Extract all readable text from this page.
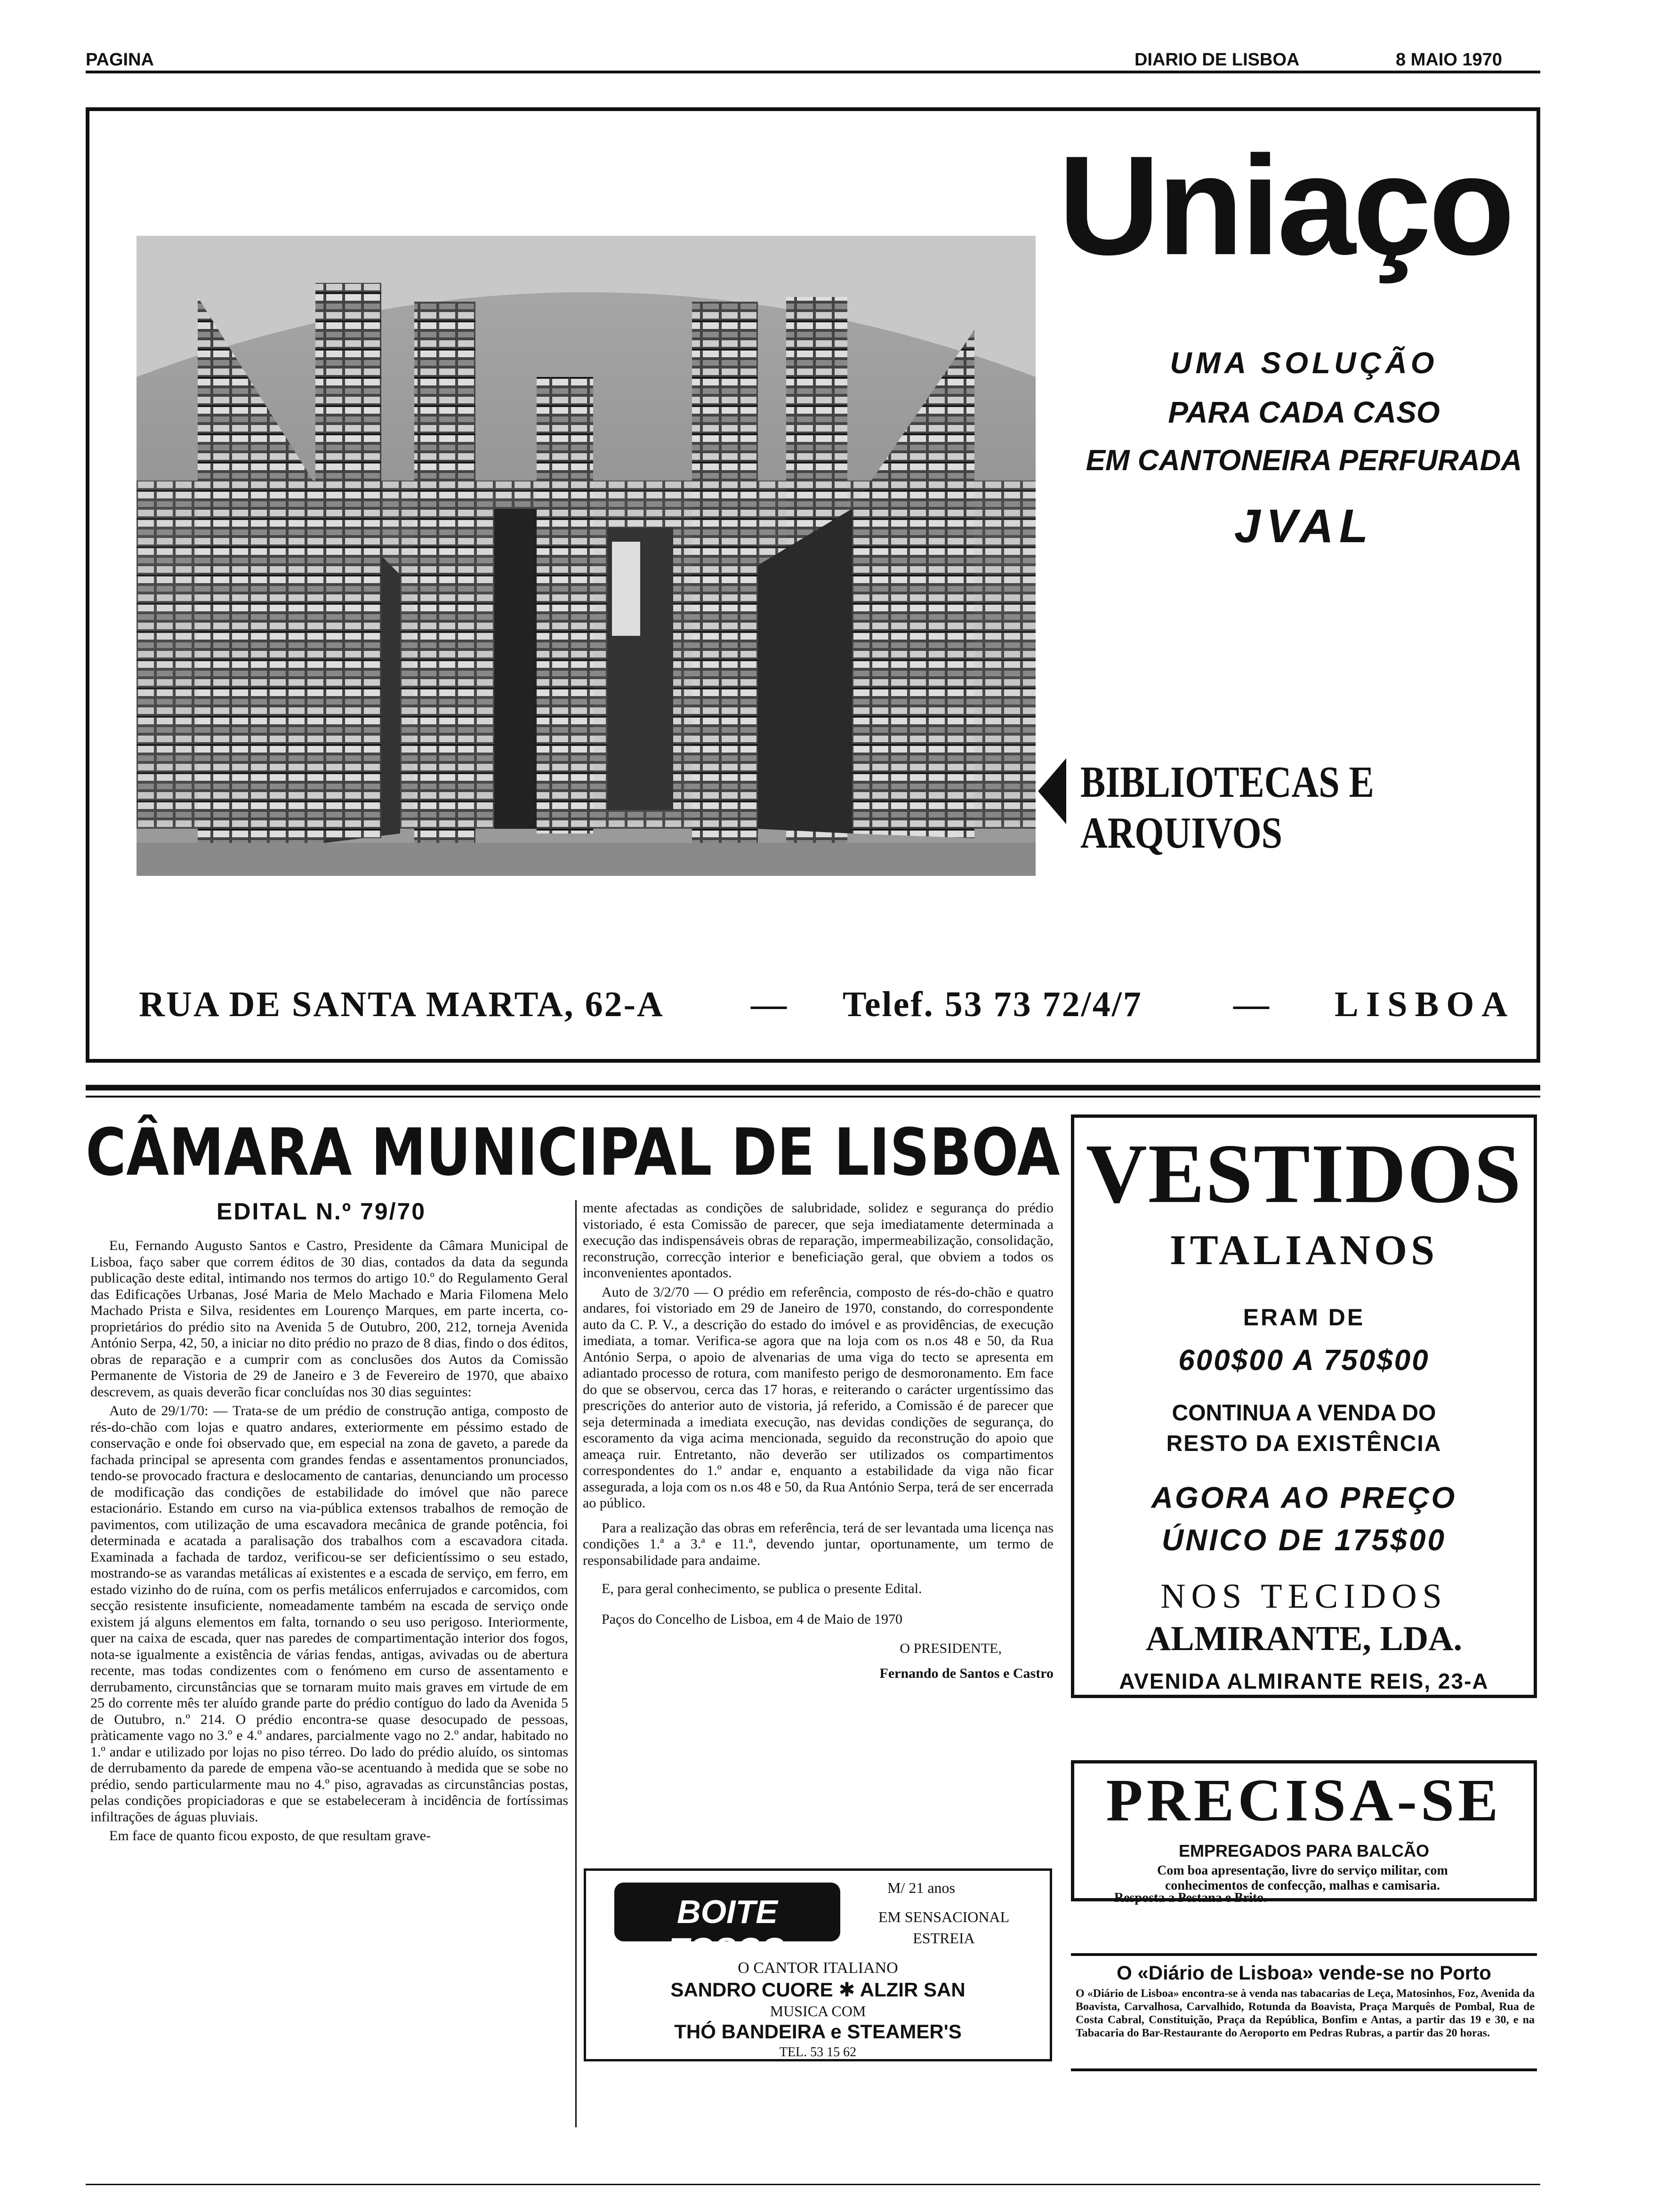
PAGINA	DIARIO DE LISBOA	8 MAIO 1970
Uniaço
UMA SOLUÇÃO
PARA CADA CASO
EM CANTONEIRA PERFURADA
JVAL
BIBLIOTECAS E ARQUIVOS
RUA DE SANTA MARTA, 62-A — Telef. 53 73 72/4/7	— LISBOA
CÂMARA MUNICIPAL DE LISBOA
EDITAL N.º 79/70

Eu, Fernando Augusto Santos e Castro, Presidente da Câmara Municipal de Lisboa, faço saber que correm éditos de 30 dias, contados da data da segunda publicação deste edital, intimando nos termos do artigo 10.º do Regulamento Geral das Edificações Urbanas, José Maria de Melo Machado e Maria Filomena Melo Machado Prista e Silva, residentes em Lourenço Marques, em parte incerta, co-proprietários do prédio sito na Avenida 5 de Outubro, 200, 212, torneja Avenida António Serpa, 42, 50, a iniciar no dito prédio no prazo de 8 dias, findo o dos éditos, obras de reparação e a cumprir com as conclusões dos Autos da Comissão Permanente de Vistoria de 29 de Janeiro e 3 de Fevereiro de 1970, que abaixo descrevem, as quais deverão ficar concluídas nos 30 dias seguintes:

Auto de 29/1/70: — Trata-se de um prédio de construção antiga, composto de rés-do-chão com lojas e quatro andares, exteriormente em péssimo estado de conservação e onde foi observado que, em especial na zona de gaveto, a parede da fachada principal se apresenta com grandes fendas e assentamentos pronunciados, tendo-se provocado fractura e deslocamento de cantarias, denunciando um processo de modificação das condições de estabilidade do imóvel que não parece estacionário. Estando em curso na via-pública extensos trabalhos de remoção de pavimentos, com utilização de uma escavadora mecânica de grande potência, foi determinada e acatada a paralisação dos trabalhos com a escavadora citada. Examinada a fachada de tardoz, verificou-se ser deficientíssimo o seu estado, mostrando-se as varandas metálicas aí existentes e a escada de serviço, em ferro, em estado vizinho do de ruína, com os perfis metálicos enferrujados e carcomidos, com secção resistente insuficiente, nomeadamente também na escada de serviço onde existem já alguns elementos em falta, tornando o seu uso perigoso. Interiormente, quer na caixa de escada, quer nas paredes de compartimentação interior dos fogos, nota-se igualmente a existência de várias fendas, antigas, avivadas ou de abertura recente, mas todas condizentes com o fenómeno em curso de assentamento e derrubamento, circunstâncias que se tornaram muito mais graves em virtude de em 25 do corrente mês ter aluído grande parte do prédio contíguo do lado da Avenida 5 de Outubro, n.º 214. O prédio encontra-se quase desocupado de pessoas, pràticamente vago no 3.º e 4.º andares, parcialmente vago no 2.º andar, habitado no 1.º andar e utilizado por lojas no piso térreo. Do lado do prédio aluído, os sintomas de derrubamento da parede de empena vão-se acentuando à medida que se sobe no prédio, sendo particularmente mau no 4.º piso, agravadas as circunstâncias postas, pelas condições propiciadoras e que se estabeleceram à incidência de fortíssimas infiltrações de águas pluviais.

Em face de quanto ficou exposto, de que resultam grave-

mente afectadas as condições de salubridade, solidez e segurança do prédio vistoriado, é esta Comissão de parecer, que seja imediatamente determinada a execução das indispensáveis obras de reparação, impermeabilização, consolidação, reconstrução, correcção interior e beneficiação geral, que obviem a todos os inconvenientes apontados.

Auto de 3/2/70 — O prédio em referência, composto de rés-do-chão e quatro andares, foi vistoriado em 29 de Janeiro de 1970, constando, do correspondente auto da C. P. V., a descrição do estado do imóvel e as providências, de execução imediata, a tomar. Verifica-se agora que na loja com os n.os 48 e 50, da Rua António Serpa, o apoio de alvenarias de uma viga do tecto se apresenta em adiantado processo de rotura, com manifesto perigo de desmoronamento. Em face do que se observou, cerca das 17 horas, e reiterando o carácter urgentíssimo das prescrições do anterior auto de vistoria, já referido, a Comissão é de parecer que seja determinada a imediata execução, nas devidas condições de segurança, do escoramento da viga acima mencionada, seguido da reconstrução do apoio que ameaça ruir. Entretanto, não deverão ser utilizados os compartimentos correspondentes do 1.º andar e, enquanto a estabilidade da viga não ficar assegurada, a loja com os n.os 48 e 50, da Rua António Serpa, terá de ser encerrada ao público.

Para a realização das obras em referência, terá de ser levantada uma licença nas condições 1.ª a 3.ª e 11.ª, devendo juntar, oportunamente, um termo de responsabilidade para andaime.

E, para geral conhecimento, se publica o presente Edital.

Paços do Concelho de Lisboa, em 4 de Maio de 1970

O PRESIDENTE,

Fernando de Santos e Castro

BOITE TOSCO
M/ 21 anos
EM SENSACIONAL
ESTREIA
O CANTOR ITALIANO
SANDRO CUORE ✱ ALZIR SAN
MUSICA COM
THÓ BANDEIRA e STEAMER'S
TEL. 53 15 62
VESTIDOS
ITALIANOS
ERAM DE
600$00 A 750$00
CONTINUA A VENDA DO
RESTO DA EXISTÊNCIA
AGORA AO PREÇO
ÚNICO DE 175$00
NOS TECIDOS
ALMIRANTE, LDA.
AVENIDA ALMIRANTE REIS, 23-A
PRECISA-SE
EMPREGADOS PARA BALCÃO
Com boa apresentação, livre do serviço militar, com conhecimentos de confecção, malhas e camisaria.
Resposta a Pestana e Brito.
O «Diário de Lisboa» vende-se no Porto
O «Diário de Lisboa» encontra-se à venda nas tabacarias de Leça, Matosinhos, Foz, Avenida da Boavista, Carvalhosa, Carvalhido, Rotunda da Boavista, Praça Marquês de Pombal, Rua de Costa Cabral, Constituição, Praça da República, Bonfim e Antas, a partir das 19 e 30, e na Tabacaria do Bar-Restaurante do Aeroporto em Pedras Rubras, a partir das 20 horas.
